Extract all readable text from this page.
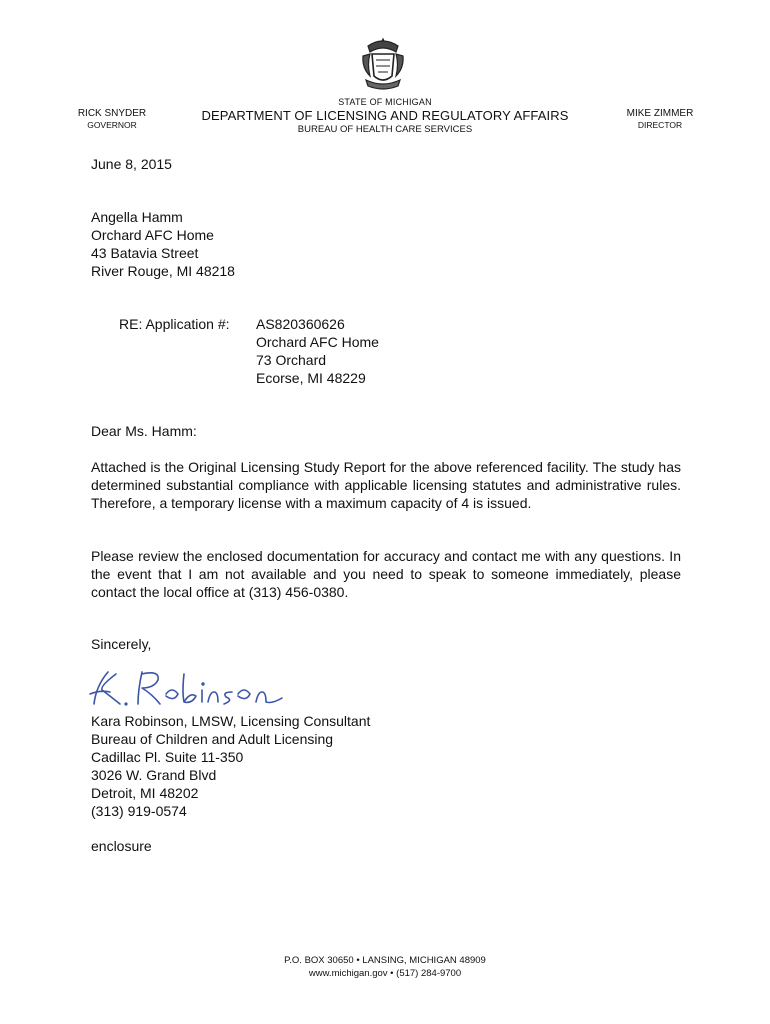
STATE OF MICHIGAN
DEPARTMENT OF LICENSING AND REGULATORY AFFAIRS
BUREAU OF HEALTH CARE SERVICES
RICK SNYDER
GOVERNOR
MIKE ZIMMER
DIRECTOR
June 8, 2015
Angella Hamm
Orchard AFC Home
43 Batavia Street
River Rouge, MI 48218
RE: Application #: AS820360626
Orchard AFC Home
73 Orchard
Ecorse, MI 48229
Dear Ms. Hamm:
Attached is the Original Licensing Study Report for the above referenced facility. The study has determined substantial compliance with applicable licensing statutes and administrative rules. Therefore, a temporary license with a maximum capacity of 4 is issued.
Please review the enclosed documentation for accuracy and contact me with any questions. In the event that I am not available and you need to speak to someone immediately, please contact the local office at (313) 456-0380.
Sincerely,
Kara Robinson, LMSW, Licensing Consultant
Bureau of Children and Adult Licensing
Cadillac Pl. Suite 11-350
3026 W. Grand Blvd
Detroit, MI 48202
(313) 919-0574
enclosure
P.O. BOX 30650 • LANSING, MICHIGAN 48909
www.michigan.gov • (517) 284-9700
